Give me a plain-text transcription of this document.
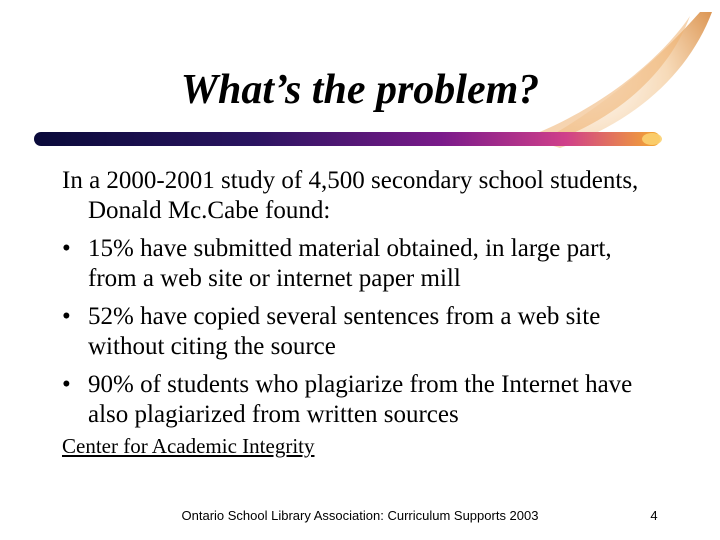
What’s the problem?

In a 2000-2001 study of 4,500 secondary school students, Donald Mc.Cabe found:

• 15% have submitted material obtained, in large part, from a web site or internet paper mill
• 52% have copied several sentences from a web site without citing the source
• 90% of students who plagiarize from the Internet have also plagiarized from written sources
Center for Academic Integrity
Ontario School Library Association: Curriculum Supports 2003	4
